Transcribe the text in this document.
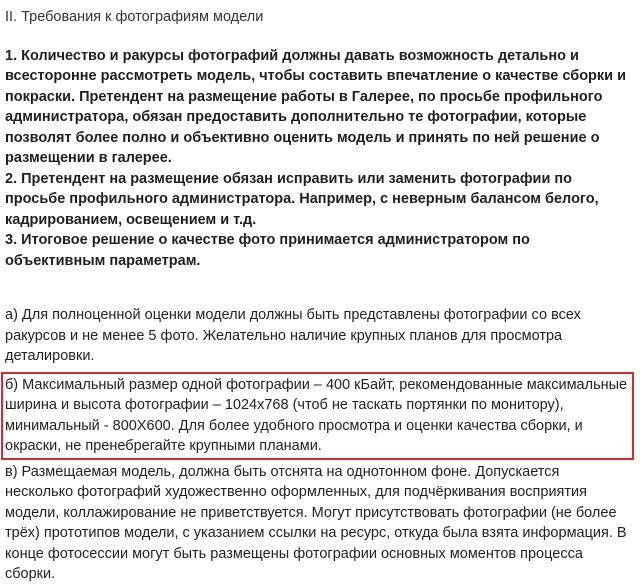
II. Требования к фотографиям модели

1. Количество и ракурсы фотографий должны давать возможность детально и всесторонне рассмотреть модель, чтобы составить впечатление о качестве сборки и покраски. Претендент на размещение работы в Галерее, по просьбе профильного администратора, обязан предоставить дополнительно те фотографии, которые позволят более полно и объективно оценить модель и принять по ней решение о размещении в галерее.

2. Претендент на размещение обязан исправить или заменить фотографии по просьбе профильного администратора. Например, с неверным балансом белого, кадрированием, освещением и т.д.

3. Итоговое решение о качестве фото принимается администратором по объективным параметрам.

а) Для полноценной оценки модели должны быть представлены фотографии со всех ракурсов и не менее 5 фото. Желательно наличие крупных планов для просмотра деталировки.

б) Максимальный размер одной фотографии – 400 кБайт, рекомендованные максимальные ширина и высота фотографии – 1024х768 (чтоб не таскать портянки по монитору), минимальный - 800Х600. Для более удобного просмотра и оценки качества сборки, и окраски, не пренебрегайте крупными планами.

в) Размещаемая модель, должна быть отснята на однотонном фоне. Допускается несколько фотографий художественно оформленных, для подчёркивания восприятия модели, коллажирование не приветствуется. Могут присутствовать фотографии (не более трёх) прототипов модели, с указанием ссылки на ресурс, откуда была взята информация. В конце фотосессии могут быть размещены фотографии основных моментов процесса сборки.
